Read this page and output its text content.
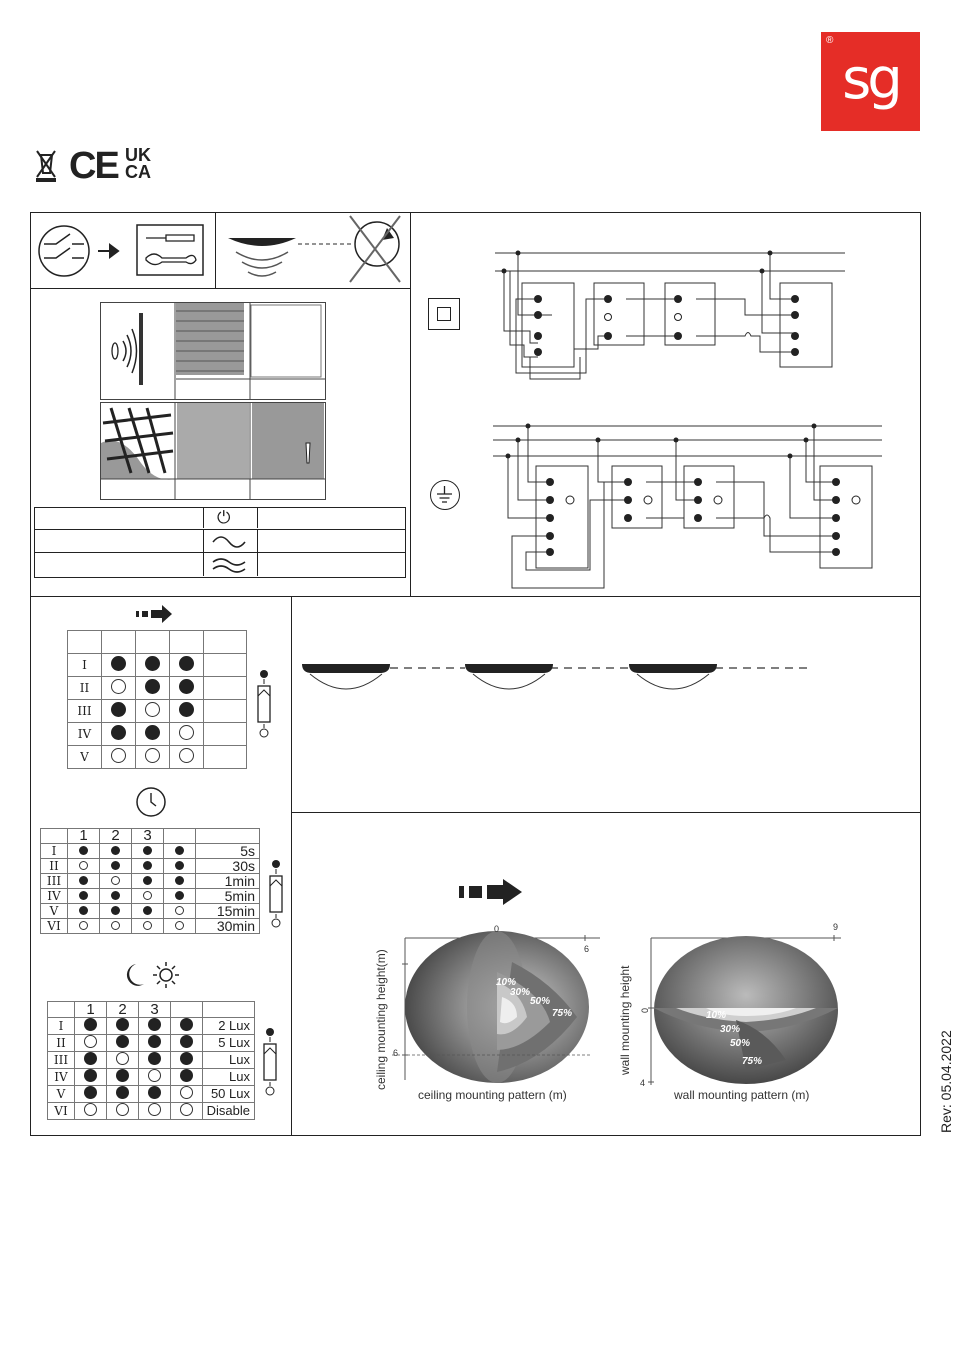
®
sg
CE UK
CA
⏻

I				
II				
III				
IV				
V				
	1	2	3		
I					5s
II					30s
III					1min
IV					5min
V					15min
VI					30min
	1	2	3		
I					2 Lux
II					5 Lux
III					Lux
IV					Lux
V					50 Lux
VI					Disable
0
6
6
10%
30%
50%
75%
ceiling mounting pattern (m)
ceiling mounting height(m)
9
0
4
10%
30%
50%
75%
wall mounting pattern (m)
wall mounting height
Rev: 05.04.2022
